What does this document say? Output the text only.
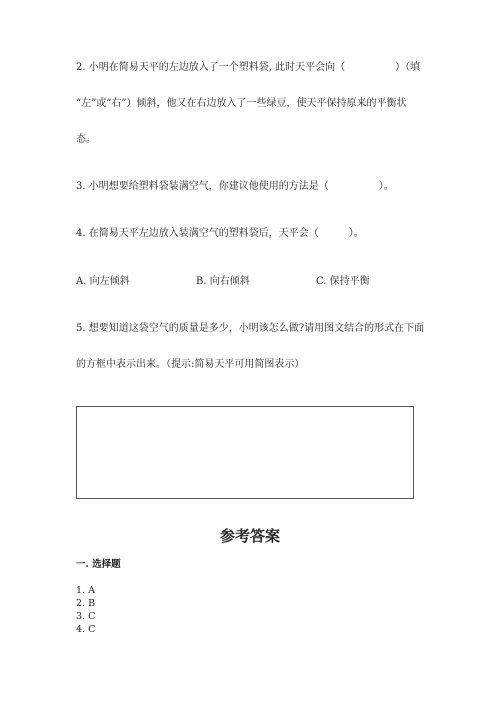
2. 小明在简易天平的左边放入了一个塑料袋, 此时天平会向（　　　　　）（填
“左”或“右”）倾斜，他又在右边放入了一些绿豆，使天平保持原来的平衡状
态。
3. 小明想要给塑料袋装满空气，你建议他使用的方法是（　　　　　）。
4. 在简易天平左边放入装满空气的塑料袋后，天平会（　　　）。
A. 向左倾斜	B. 向右倾斜	C. 保持平衡
5. 想要知道这袋空气的质量是多少，小明该怎么做?请用图文结合的形式在下面
的方框中表示出来。（提示:简易天平可用简图表示）
参考答案
一. 选择题
1. A
2. B
3. C
4. C
